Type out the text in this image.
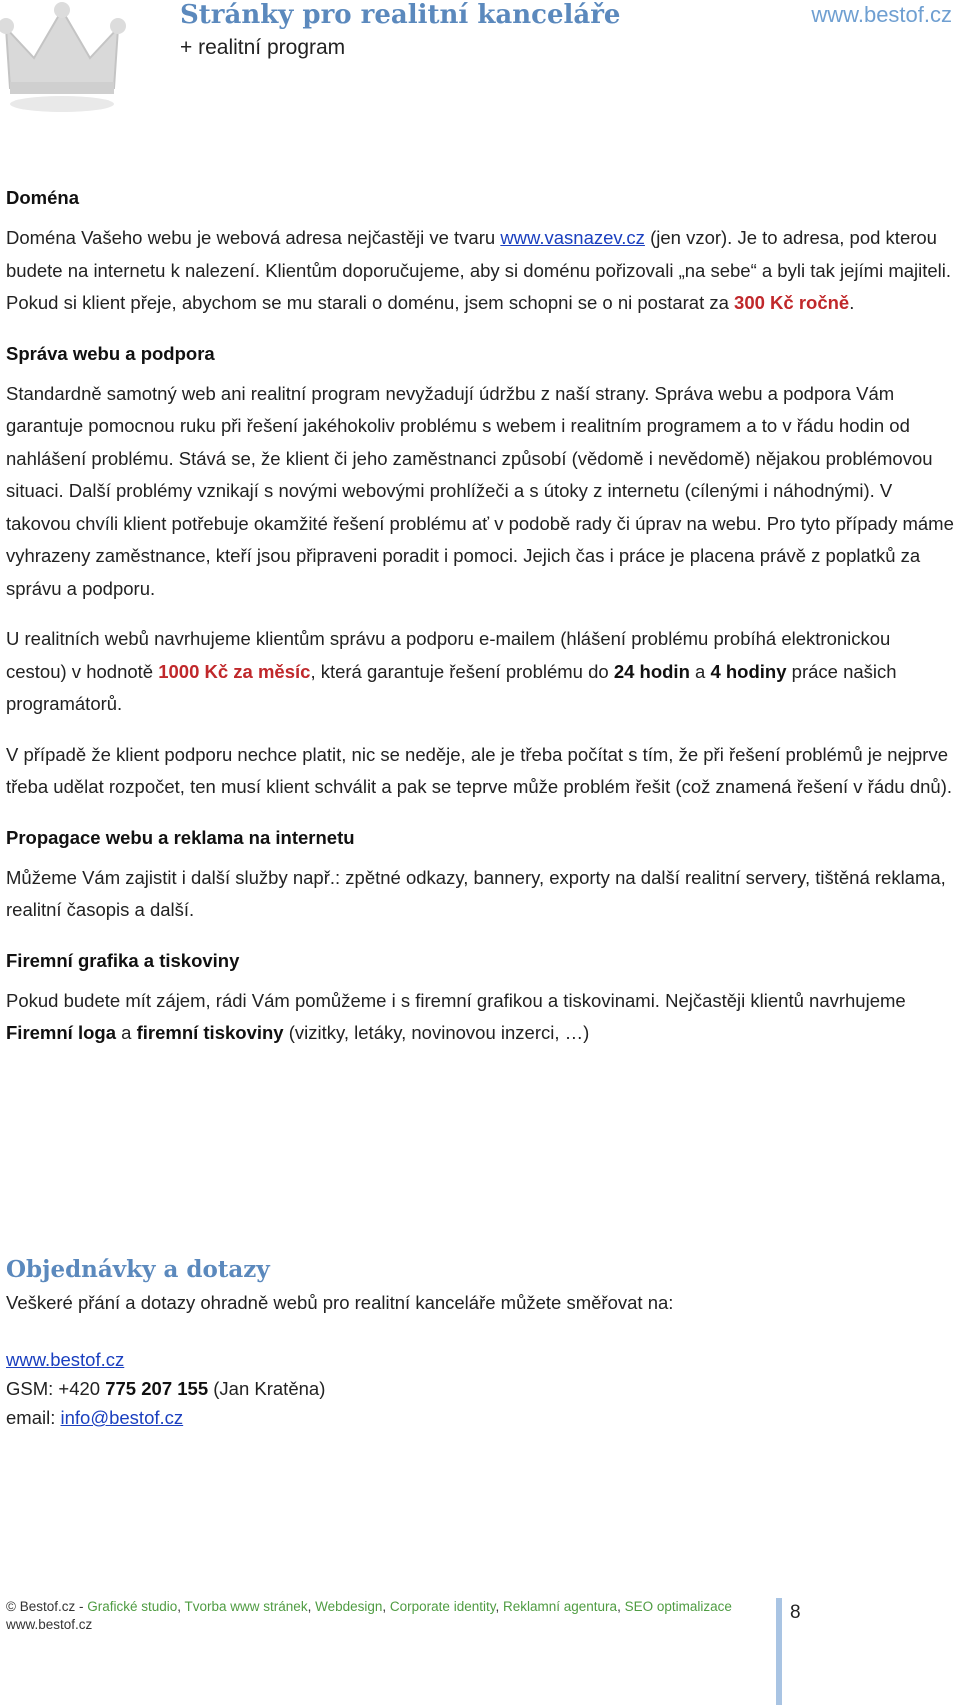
Stránky pro realitní kanceláře
+ realitní program
www.bestof.cz
Doména

Doména Vašeho webu je webová adresa nejčastěji ve tvaru www.vasnazev.cz (jen vzor). Je to adresa, pod kterou budete na internetu k nalezení. Klientům doporučujeme, aby si doménu pořizovali „na sebe“ a byli tak jejími majiteli. Pokud si klient přeje, abychom se mu starali o doménu, jsem schopni se o ni postarat za 300 Kč ročně.

Správa webu a podpora

Standardně samotný web ani realitní program nevyžadují údržbu z naší strany. Správa webu a podpora Vám garantuje pomocnou ruku při řešení jakéhokoliv problému s webem i realitním programem a to v řádu hodin od nahlášení problému. Stává se, že klient či jeho zaměstnanci způsobí (vědomě i nevědomě) nějakou problémovou situaci. Další problémy vznikají s novými webovými prohlížeči a s útoky z internetu (cílenými i náhodnými). V takovou chvíli klient potřebuje okamžité řešení problému ať v podobě rady či úprav na webu. Pro tyto případy máme vyhrazeny zaměstnance, kteří jsou připraveni poradit i pomoci. Jejich čas i práce je placena právě z poplatků za správu a podporu.

U realitních webů navrhujeme klientům správu a podporu e-mailem (hlášení problému probíhá elektronickou cestou) v hodnotě 1000 Kč za měsíc, která garantuje řešení problému do 24 hodin a 4 hodiny práce našich programátorů.

V případě že klient podporu nechce platit, nic se neděje, ale je třeba počítat s tím, že při řešení problémů je nejprve třeba udělat rozpočet, ten musí klient schválit a pak se teprve může problém řešit (což znamená řešení v řádu dnů).

Propagace webu a reklama na internetu

Můžeme Vám zajistit i další služby např.: zpětné odkazy, bannery, exporty na další realitní servery, tištěná reklama, realitní časopis a další.

Firemní grafika a tiskoviny

Pokud budete mít zájem, rádi Vám pomůžeme i s firemní grafikou a tiskovinami. Nejčastěji klientů navrhujeme Firemní loga a firemní tiskoviny (vizitky, letáky, novinovou inzerci, …)

Objednávky a dotazy

Veškeré přání a dotazy ohradně webů pro realitní kanceláře můžete směřovat na:

www.bestof.cz
GSM: +420 775 207 155 (Jan Kratěna)
email: info@bestof.cz
© Bestof.cz - Grafické studio, Tvorba www stránek, Webdesign, Corporate identity, Reklamní agentura, SEO optimalizace
www.bestof.cz
8
